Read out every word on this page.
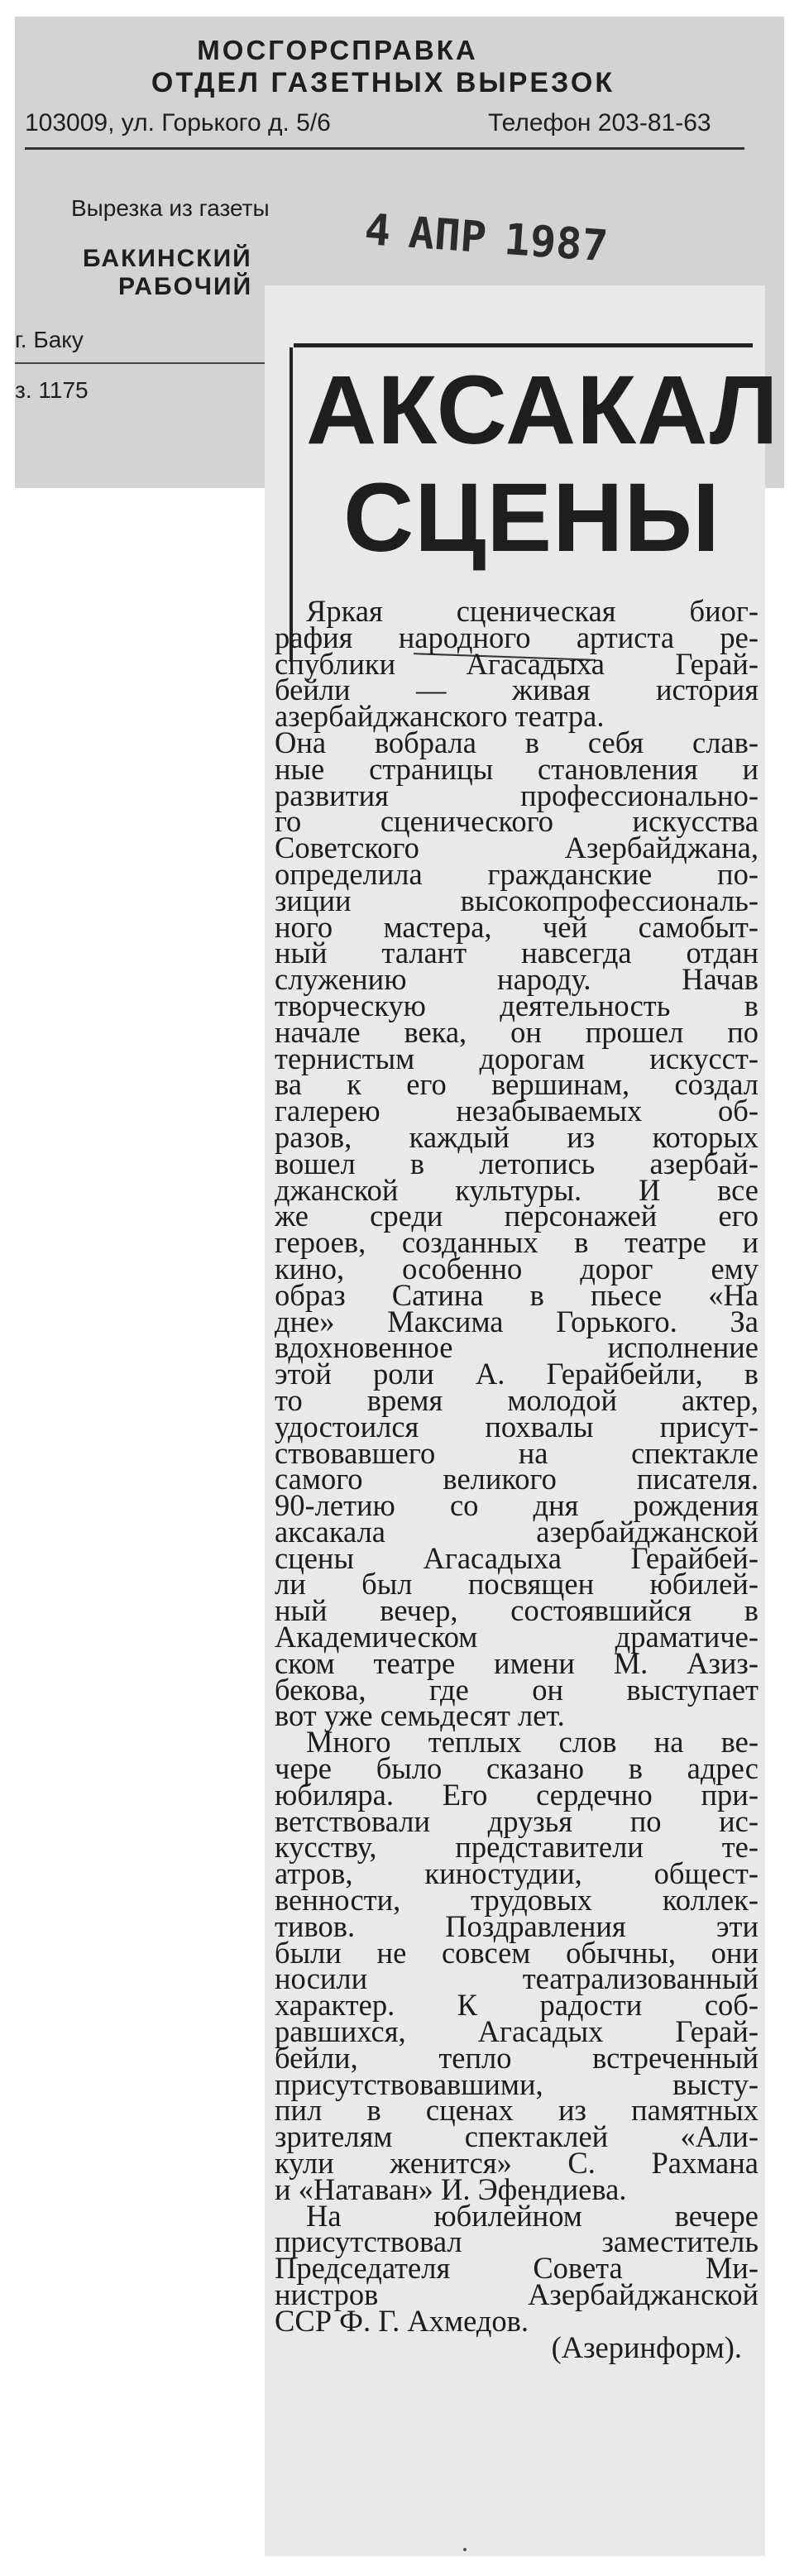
МОСГОРСПРАВКА
ОТДЕЛ ГАЗЕТНЫХ ВЫРЕЗОК
103009, ул. Горького д. 5/6	Телефон 203-81-63
Вырезка из газеты
БАКИНСКИЙ
РАБОЧИЙ
г. Баку
з. 1175
4 АПР 1987
АКСАКАЛ
СЦЕНЫ
Яркая сценическая биог-
рафия народного артиста ре-
спублики Агасадыха Герай-
бейли — живая история
азербайджанского театра.
Она вобрала в себя слав-
ные страницы становления и
развития профессионально-
го сценического искусства
Советского Азербайджана,
определила гражданские по-
зиции высокопрофессиональ-
ного мастера, чей самобыт-
ный талант навсегда отдан
служению народу. Начав
творческую деятельность в
начале века, он прошел по
тернистым дорогам искусст-
ва к его вершинам, создал
галерею незабываемых об-
разов, каждый из которых
вошел в летопись азербай-
джанской культуры. И все
же среди персонажей его
героев, созданных в театре и
кино, особенно дорог ему
образ Сатина в пьесе «На
дне» Максима Горького. За
вдохновенное исполнение
этой роли А. Герайбейли, в
то время молодой актер,
удостоился похвалы присут-
ствовавшего на спектакле
самого великого писателя.
90-летию со дня рождения
аксакала азербайджанской
сцены Агасадыха Герайбей-
ли был посвящен юбилей-
ный вечер, состоявшийся в
Академическом драматиче-
ском театре имени М. Азиз-
бекова, где он выступает
вот уже семьдесят лет.
Много теплых слов на ве-
чере было сказано в адрес
юбиляра. Его сердечно при-
ветствовали друзья по ис-
кусству, представители те-
атров, киностудии, общест-
венности, трудовых коллек-
тивов. Поздравления эти
были не совсем обычны, они
носили театрализованный
характер. К радости соб-
равшихся, Агасадых Герай-
бейли, тепло встреченный
присутствовавшими, высту-
пил в сценах из памятных
зрителям спектаклей «Али-
кули женится» С. Рахмана
и «Натаван» И. Эфендиева.
На юбилейном вечере
присутствовал заместитель
Председателя Совета Ми-
нистров Азербайджанской
ССР Ф. Г. Ахмедов.
(Азеринформ).
